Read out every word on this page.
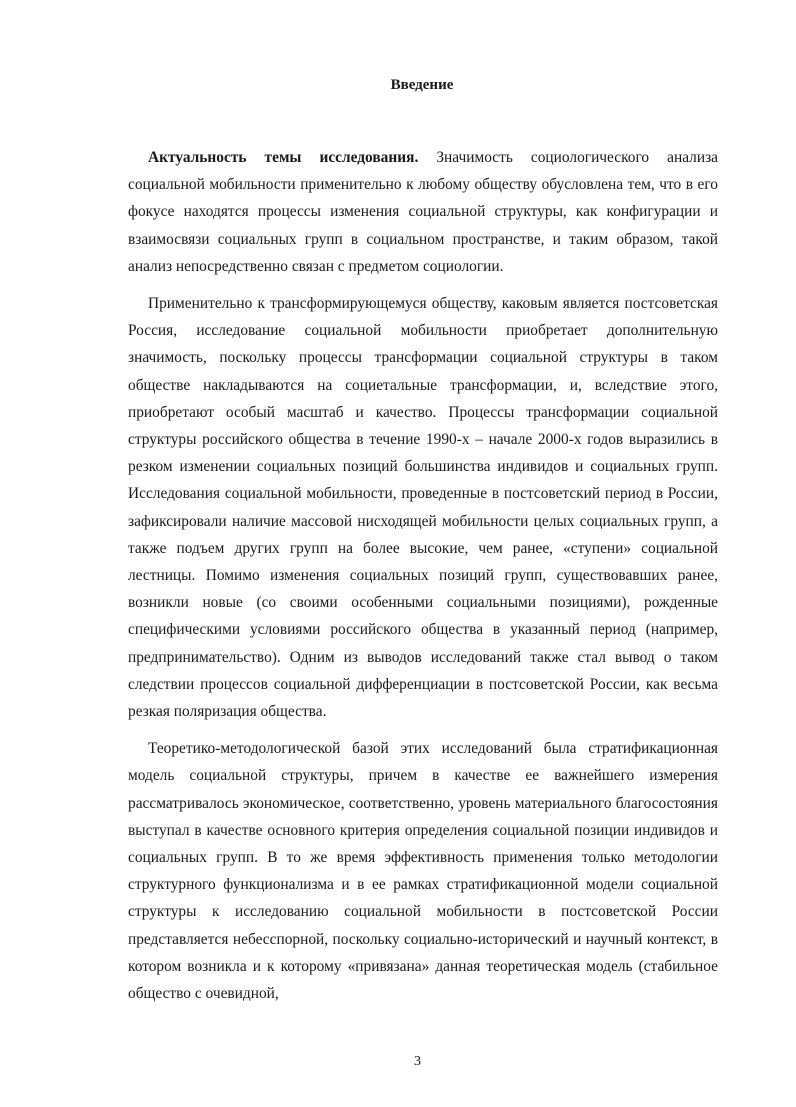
Введение

Актуальность темы исследования. Значимость социологического анализа социальной мобильности применительно к любому обществу обусловлена тем, что в его фокусе находятся процессы изменения социальной структуры, как конфигурации и взаимосвязи социальных групп в социальном пространстве, и таким образом, такой анализ непосредственно связан с предметом социологии.

Применительно к трансформирующемуся обществу, каковым является постсоветская Россия, исследование социальной мобильности приобретает дополнительную значимость, поскольку процессы трансформации социальной структуры в таком обществе накладываются на социетальные трансформации, и, вследствие этого, приобретают особый масштаб и качество. Процессы трансформации социальной структуры российского общества в течение 1990-х – начале 2000-х годов выразились в резком изменении социальных позиций большинства индивидов и социальных групп. Исследования социальной мобильности, проведенные в постсоветский период в России, зафиксировали наличие массовой нисходящей мобильности целых социальных групп, а также подъем других групп на более высокие, чем ранее, «ступени» социальной лестницы. Помимо изменения социальных позиций групп, существовавших ранее, возникли новые (со своими особенными социальными позициями), рожденные специфическими условиями российского общества в указанный период (например, предпринимательство). Одним из выводов исследований также стал вывод о таком следствии процессов социальной дифференциации в постсоветской России, как весьма резкая поляризация общества.

Теоретико-методологической базой этих исследований была стратификационная модель социальной структуры, причем в качестве ее важнейшего измерения рассматривалось экономическое, соответственно, уровень материального благосостояния выступал в качестве основного критерия определения социальной позиции индивидов и социальных групп. В то же время эффективность применения только методологии структурного функционализма и в ее рамках стратификационной модели социальной структуры к исследованию социальной мобильности в постсоветской России представляется небесспорной, поскольку социально-исторический и научный контекст, в котором возникла и к которому «привязана» данная теоретическая модель (стабильное общество с очевидной,

3
